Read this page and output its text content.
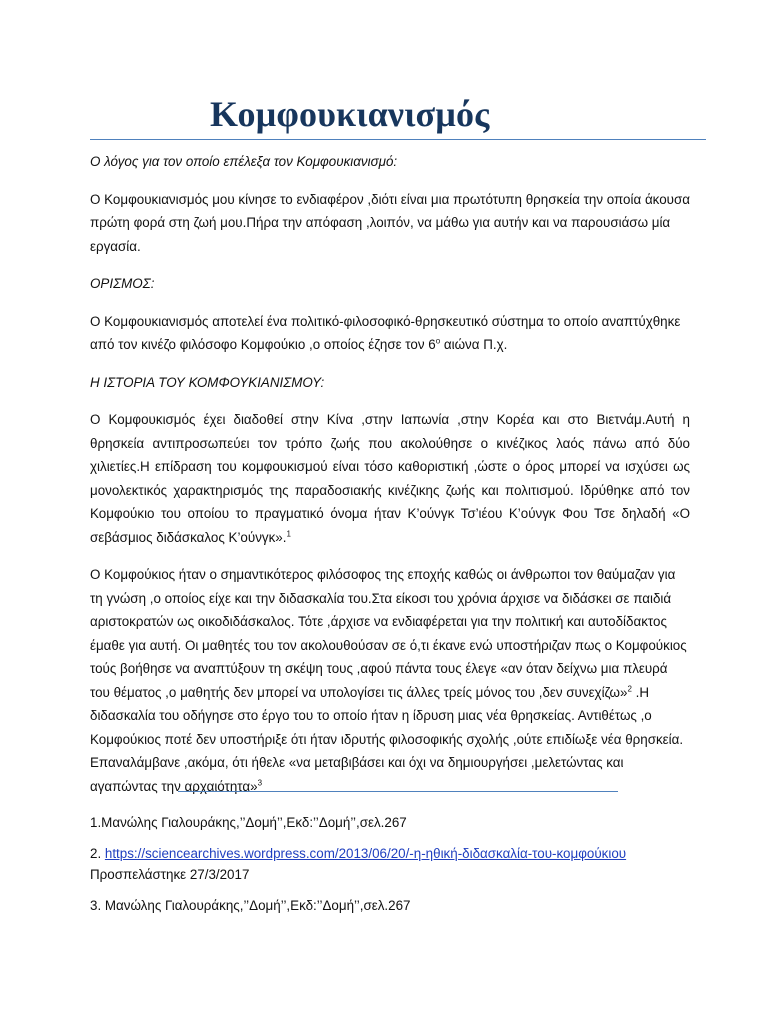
Κομφουκιανισμός

Ο λόγος για τον οποίο επέλεξα τον Κομφουκιανισμό:

Ο Κομφουκιανισμός μου κίνησε το ενδιαφέρον ,διότι είναι μια πρωτότυπη θρησκεία την οποία άκουσα πρώτη φορά στη ζωή μου.Πήρα την απόφαση ,λοιπόν, να μάθω για αυτήν και να παρουσιάσω μία εργασία.

ΟΡΙΣΜΟΣ:

Ο Κομφουκιανισμός αποτελεί ένα πολιτικό-φιλοσοφικό-θρησκευτικό σύστημα το οποίο αναπτύχθηκε από τον κινέζο φιλόσοφο Κομφούκιο ,ο οποίος έζησε τον $6^o$ αιώνα Π.χ.

Η ΙΣΤΟΡΙΑ ΤΟΥ ΚΟΜΦΟΥΚΙΑΝΙΣΜΟΥ:

Ο Κομφουκισμός έχει διαδοθεί στην Κίνα ,στην Ιαπωνία ,στην Κορέα και στο Βιετνάμ.Αυτή η θρησκεία αντιπροσωπεύει τον τρόπο ζωής που ακολούθησε ο κινέζικος λαός πάνω από δύο χιλιετίες.Η επίδραση του κομφουκισμού είναι τόσο καθοριστική ,ώστε ο όρος μπορεί να ισχύσει ως μονολεκτικός χαρακτηρισμός της παραδοσιακής κινέζικης ζωής και πολιτισμού. Ιδρύθηκε από τον Κομφούκιο του οποίου το πραγματικό όνομα ήταν Κ’ούνγκ Τσ’ιέου Κ’ούνγκ Φου Τσε δηλαδή «Ο σεβάσμιος διδάσκαλος Κ’ούνγκ».$^1$

Ο Κομφούκιος ήταν ο σημαντικότερος φιλόσοφος της εποχής καθώς οι άνθρωποι τον θαύμαζαν για τη γνώση ,ο οποίος είχε και την διδασκαλία του.Στα είκοσι του χρόνια άρχισε να διδάσκει σε παιδιά αριστοκρατών ως οικοδιδάσκαλος. Τότε ,άρχισε να ενδιαφέρεται για την πολιτική και αυτοδίδακτος έμαθε για αυτή. Οι μαθητές του τον ακολουθούσαν σε ό,τι έκανε ενώ υποστήριζαν πως ο Κομφούκιος τούς βοήθησε να αναπτύξουν τη σκέψη τους ,αφού πάντα τους έλεγε «αν όταν δείχνω μια πλευρά του θέματος ,ο μαθητής δεν μπορεί να υπολογίσει τις άλλες τρείς μόνος του ,δεν συνεχίζω»$^2$ .Η διδασκαλία του οδήγησε στο έργο του το οποίο ήταν η ίδρυση μιας νέα θρησκείας. Αντιθέτως ,ο Κομφούκιος ποτέ δεν υποστήριξε ότι ήταν ιδρυτής φιλοσοφικής σχολής ,ούτε επιδίωξε νέα θρησκεία. Επαναλάμβανε ,ακόμα, ότι ήθελε «να μεταβιβάσει και όχι να δημιουργήσει ,μελετώντας και αγαπώντας την αρχαιότητα»$^3$

1.Μανώλης Γιαλουράκης,’’Δομή’’,Εκδ:’’Δομή’’,σελ.267

2. https://sciencearchives.wordpress.com/2013/06/20/-η-ηθική-διδασκαλία-του-κομφούκιου
Προσπελάστηκε 27/3/2017

3. Μανώλης Γιαλουράκης,’’Δομή’’,Εκδ:’’Δομή’’,σελ.267
